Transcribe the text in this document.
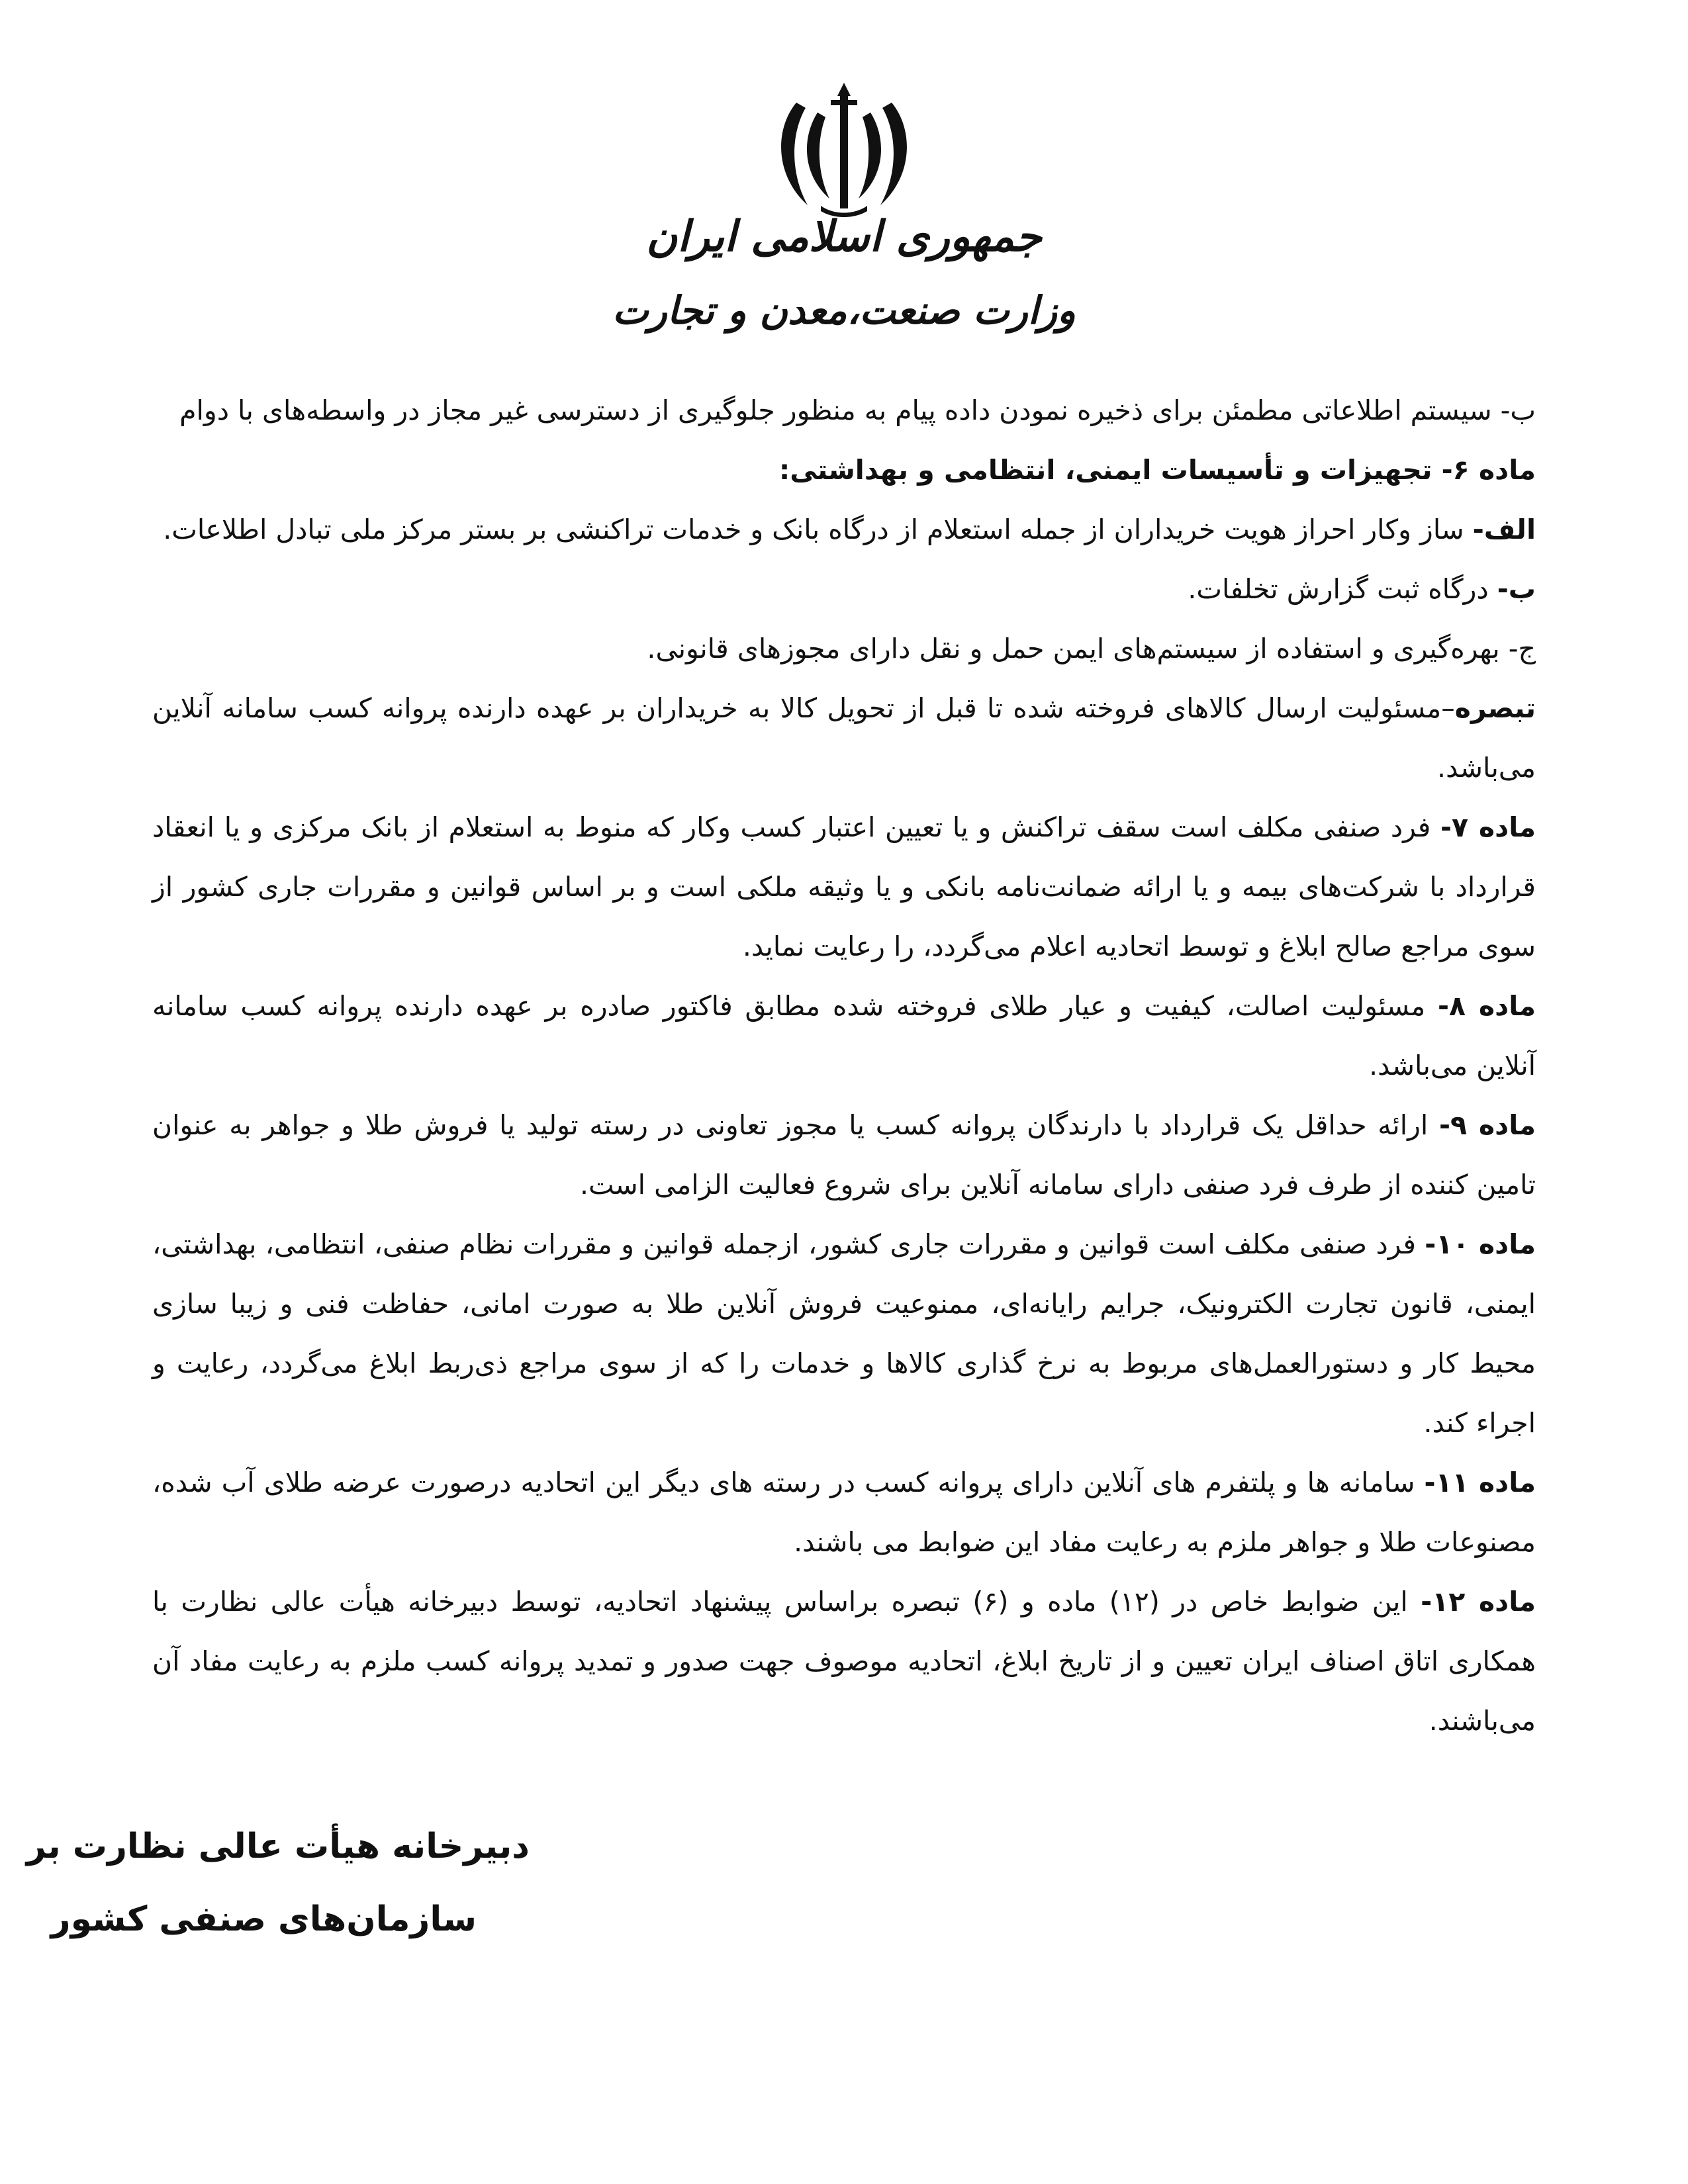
جمهوری اسلامی ایران
وزارت صنعت،معدن و تجارت

ب- سیستم اطلاعاتی مطمئن برای ذخیره نمودن داده پیام به منظور جلوگیری از دسترسی غیر مجاز در واسطه‌های با دوام

ماده ۶- تجهیزات و تأسیسات ایمنی، انتظامی و بهداشتی:

الف- ساز وکار احراز هویت خریداران از جمله استعلام از درگاه بانک و خدمات تراکنشی بر بستر مرکز ملی تبادل اطلاعات.

ب- درگاه ثبت گزارش تخلفات.

ج- بهره‌گیری و استفاده از سیستم‌های ایمن حمل و نقل دارای مجوزهای قانونی.

تبصره–مسئولیت ارسال کالاهای فروخته شده تا قبل از تحویل کالا به خریداران بر عهده دارنده پروانه کسب سامانه آنلاین می‌باشد.

ماده ۷- فرد صنفی مکلف است سقف تراکنش و یا تعیین اعتبار کسب وکار که منوط به استعلام از بانک مرکزی و یا انعقاد قرارداد با شرکت‌های بیمه و یا ارائه ضمانت‌نامه بانکی و یا وثیقه ملکی است و بر اساس قوانین و مقررات جاری کشور از سوی مراجع صالح ابلاغ و توسط اتحادیه اعلام می‌گردد، را رعایت نماید.

ماده ۸- مسئولیت اصالت، کیفیت و عیار طلای فروخته شده مطابق فاکتور صادره بر عهده دارنده پروانه کسب سامانه آنلاین می‌باشد.

ماده ۹- ارائه حداقل یک قرارداد با دارندگان پروانه کسب یا مجوز تعاونی در رسته تولید یا فروش طلا و جواهر به عنوان تامین کننده از طرف فرد صنفی دارای سامانه آنلاین برای شروع فعالیت الزامی است.

ماده ۱۰- فرد صنفی مکلف است قوانین و مقررات جاری کشور، ازجمله قوانین و مقررات نظام صنفی، انتظامی، بهداشتی، ایمنی، قانون تجارت الکترونیک، جرایم رایانه‌ای، ممنوعیت فروش آنلاین طلا به صورت امانی، حفاظت فنی و زیبا سازی محیط کار و دستورالعمل‌های مربوط به نرخ گذاری کالاها و خدمات را که از سوی مراجع ذی‌ربط ابلاغ می‌گردد، رعایت و اجراء کند.

ماده ۱۱- سامانه ها و پلتفرم های آنلاین دارای پروانه کسب در رسته های دیگر این اتحادیه درصورت عرضه طلای آب شده، مصنوعات طلا و جواهر ملزم به رعایت مفاد این ضوابط می باشند.

ماده ۱۲- این ضوابط خاص در (۱۲) ماده و (۶) تبصره براساس پیشنهاد اتحادیه، توسط دبیرخانه هیأت عالی نظارت با همکاری اتاق اصناف ایران تعیین و از تاریخ ابلاغ، اتحادیه موصوف جهت صدور و تمدید پروانه کسب ملزم به رعایت مفاد آن می‌باشند.

دبیرخانه هیأت عالی نظارت بر
سازمان‌های صنفی کشور
